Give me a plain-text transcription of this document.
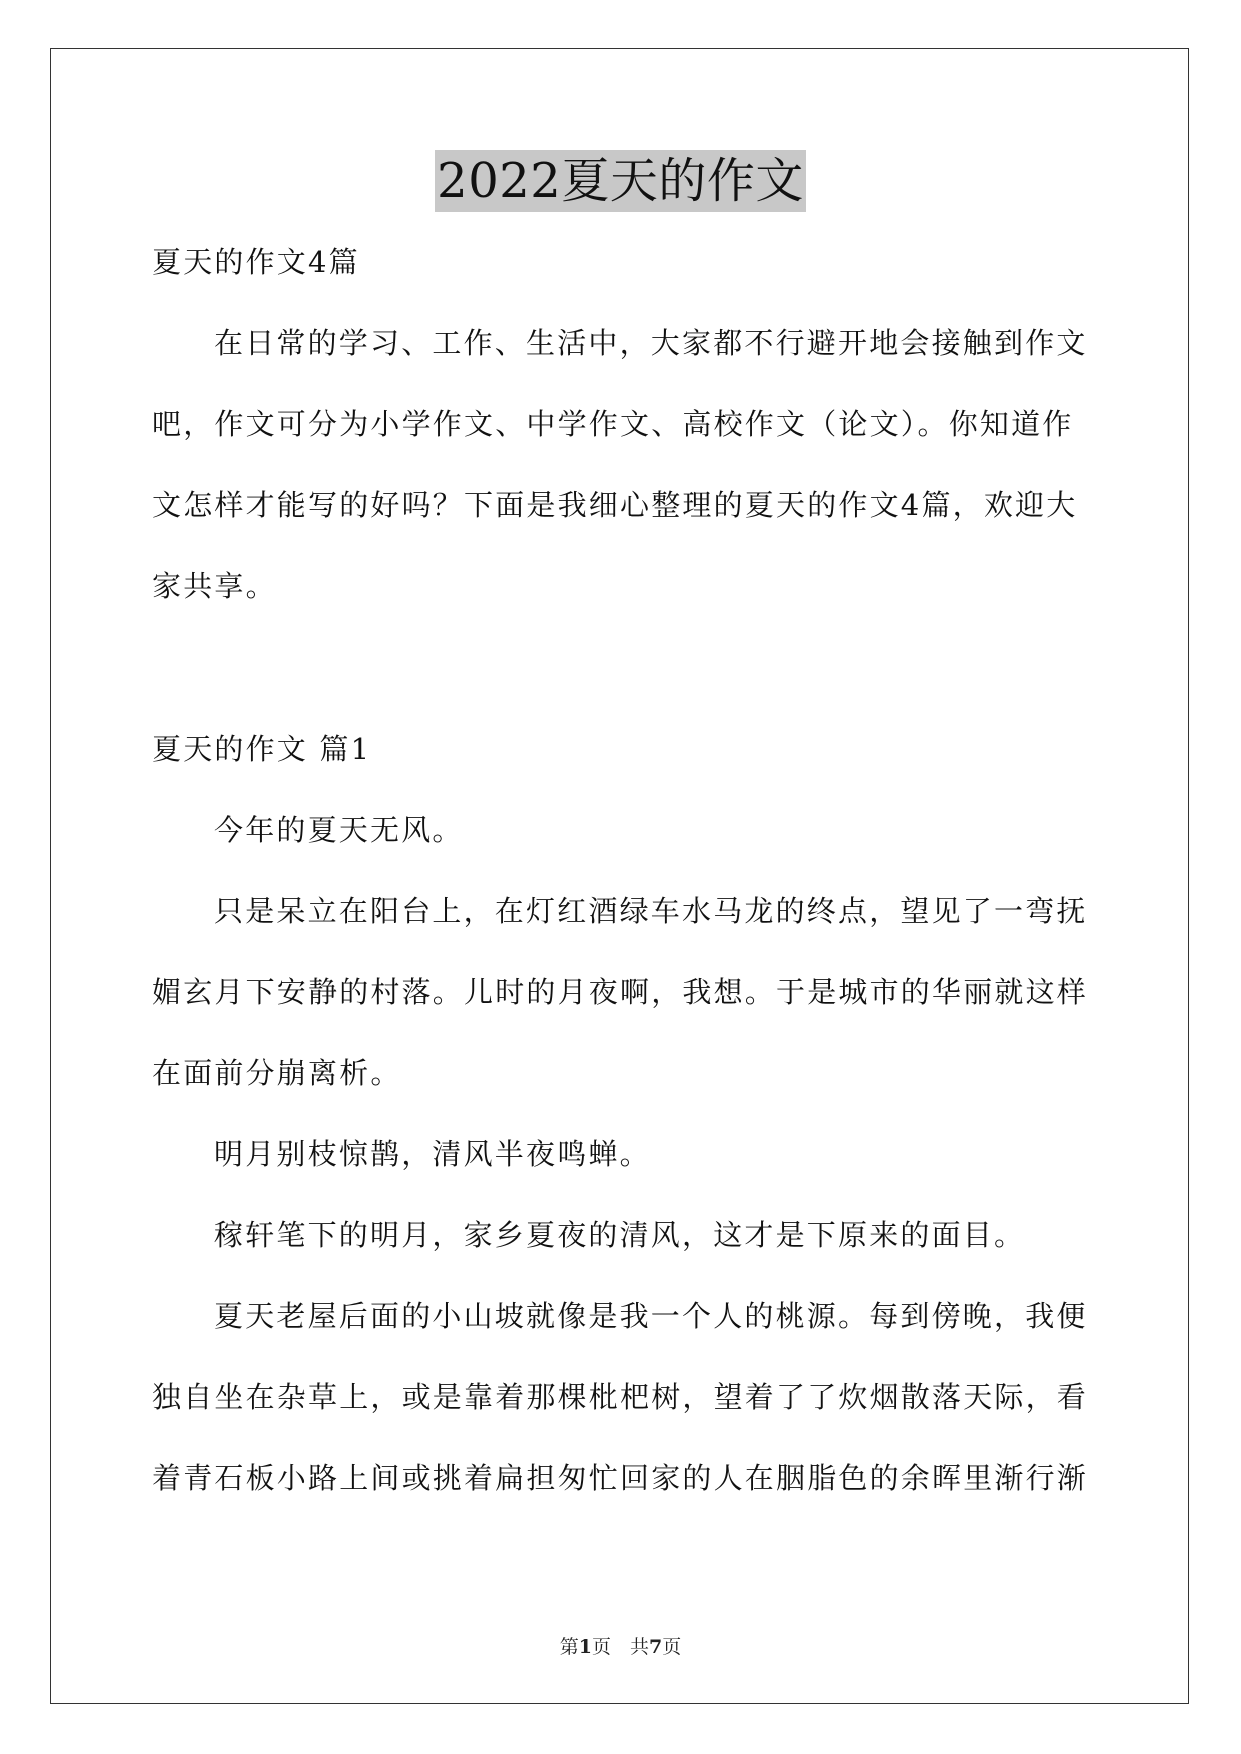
2022夏天的作文

夏天的作文4篇

在日常的学习、工作、生活中，大家都不行避开地会接触到作文吧，作文可分为小学作文、中学作文、高校作文（论文）。你知道作文怎样才能写的好吗？下面是我细心整理的夏天的作文4篇，欢迎大家共享。

夏天的作文 篇1

今年的夏天无风。

只是呆立在阳台上，在灯红酒绿车水马龙的终点，望见了一弯抚媚玄月下安静的村落。儿时的月夜啊，我想。于是城市的华丽就这样在面前分崩离析。

明月别枝惊鹊，清风半夜鸣蝉。

稼轩笔下的明月，家乡夏夜的清风，这才是下原来的面目。

夏天老屋后面的小山坡就像是我一个人的桃源。每到傍晚，我便独自坐在杂草上，或是靠着那棵枇杷树，望着了了炊烟散落天际，看着青石板小路上间或挑着扁担匆忙回家的人在胭脂色的余晖里渐行渐

第1页　共7页
